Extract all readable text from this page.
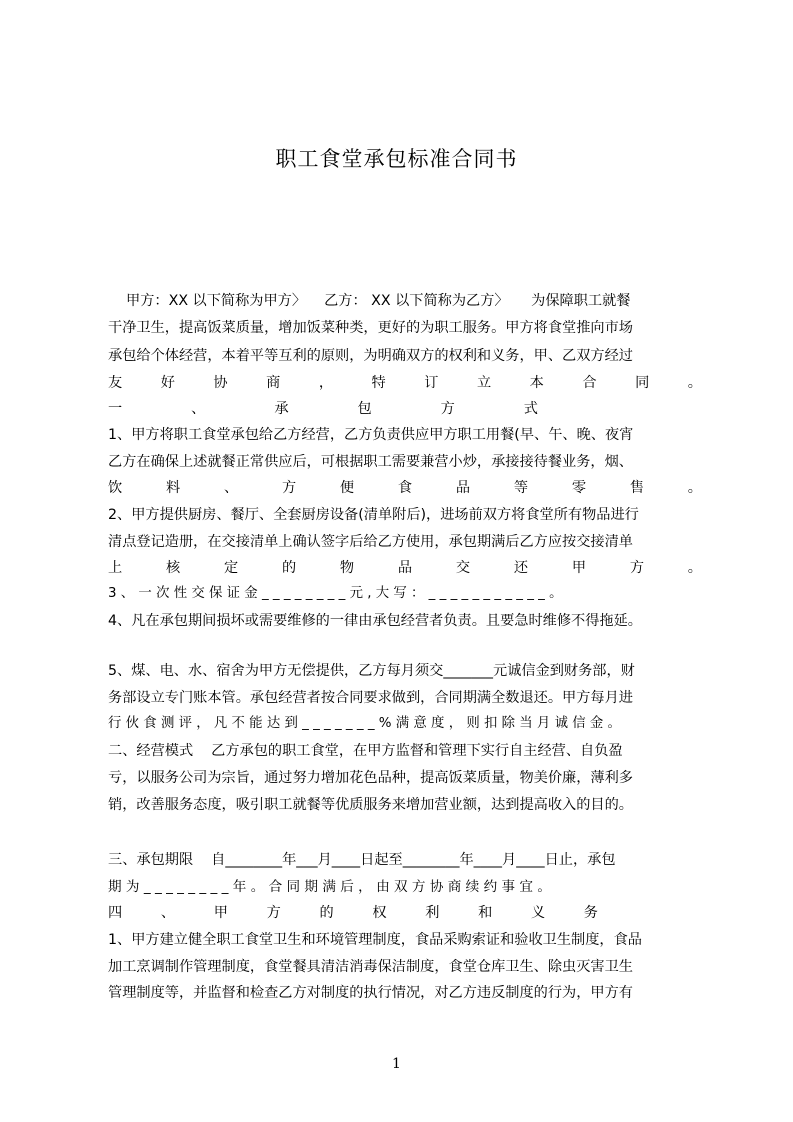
职工食堂承包标准合同书
甲方：XX 以下简称为甲方〉    乙方： XX 以下简称为乙方〉     为保障职工就餐
干净卫生，提高饭菜质量，增加饭菜种类，更好的为职工服务。甲方将食堂推向市场
承包给个体经营，本着平等互利的原则，为明确双方的权利和义务，甲、乙双方经过
友 好 协 商 ， 特 订 立 本 合 同 。
一 、 承 包 方 式
1、甲方将职工食堂承包给乙方经营，乙方负责供应甲方职工用餐(早、午、晚、夜宵
乙方在确保上述就餐正常供应后，可根据职工需要兼营小炒，承接接待餐业务，烟、
饮 料 、 方 便 食 品 等 零 售 。
2、甲方提供厨房、餐厅、全套厨房设备(清单附后)，进场前双方将食堂所有物品进行
清点登记造册，在交接清单上确认签字后给乙方使用，承包期满后乙方应按交接清单
上 核 定 的 物 品 交 还 甲 方 。
3 、 一 次 性 交 保 证 金 _ _ _ _ _ _ _ _ 元 , 大 写 ： _ _ _ _ _ _ _ _ _ _ _ 。
4、凡在承包期间损坏或需要维修的一律由承包经营者负责。且要急时维修不得拖延。
5、煤、电、水、宿舍为甲方无偿提供，乙方每月须交_______元诚信金到财务部，财
务部设立专门账本管。承包经营者按合同要求做到，合同期满全数退还。甲方每月进
行 伙 食 测 评 ， 凡 不 能 达 到 _ _ _ _ _ _ _ % 满 意 度 ， 则 扣 除 当 月 诚 信 金 。
二、经营模式    乙方承包的职工食堂，在甲方监督和管理下实行自主经营、自负盈
亏，以服务公司为宗旨，通过努力增加花色品种，提高饭菜质量，物美价廉，薄利多
销，改善服务态度，吸引职工就餐等优质服务来增加营业额，达到提高收入的目的。
三、承包期限    自________年___月____日起至________年____月____日止，承包
期 为 _ _ _ _ _ _ _ _ 年 。 合 同 期 满 后 ， 由 双 方 协 商 续 约 事 宜 。
四 、 甲 方 的 权 利 和 义 务
1、甲方建立健全职工食堂卫生和环境管理制度，食品采购索证和验收卫生制度，食品
加工烹调制作管理制度，食堂餐具清洁消毒保洁制度，食堂仓库卫生、除虫灭害卫生
管理制度等，并监督和检查乙方对制度的执行情况，对乙方违反制度的行为，甲方有
1
